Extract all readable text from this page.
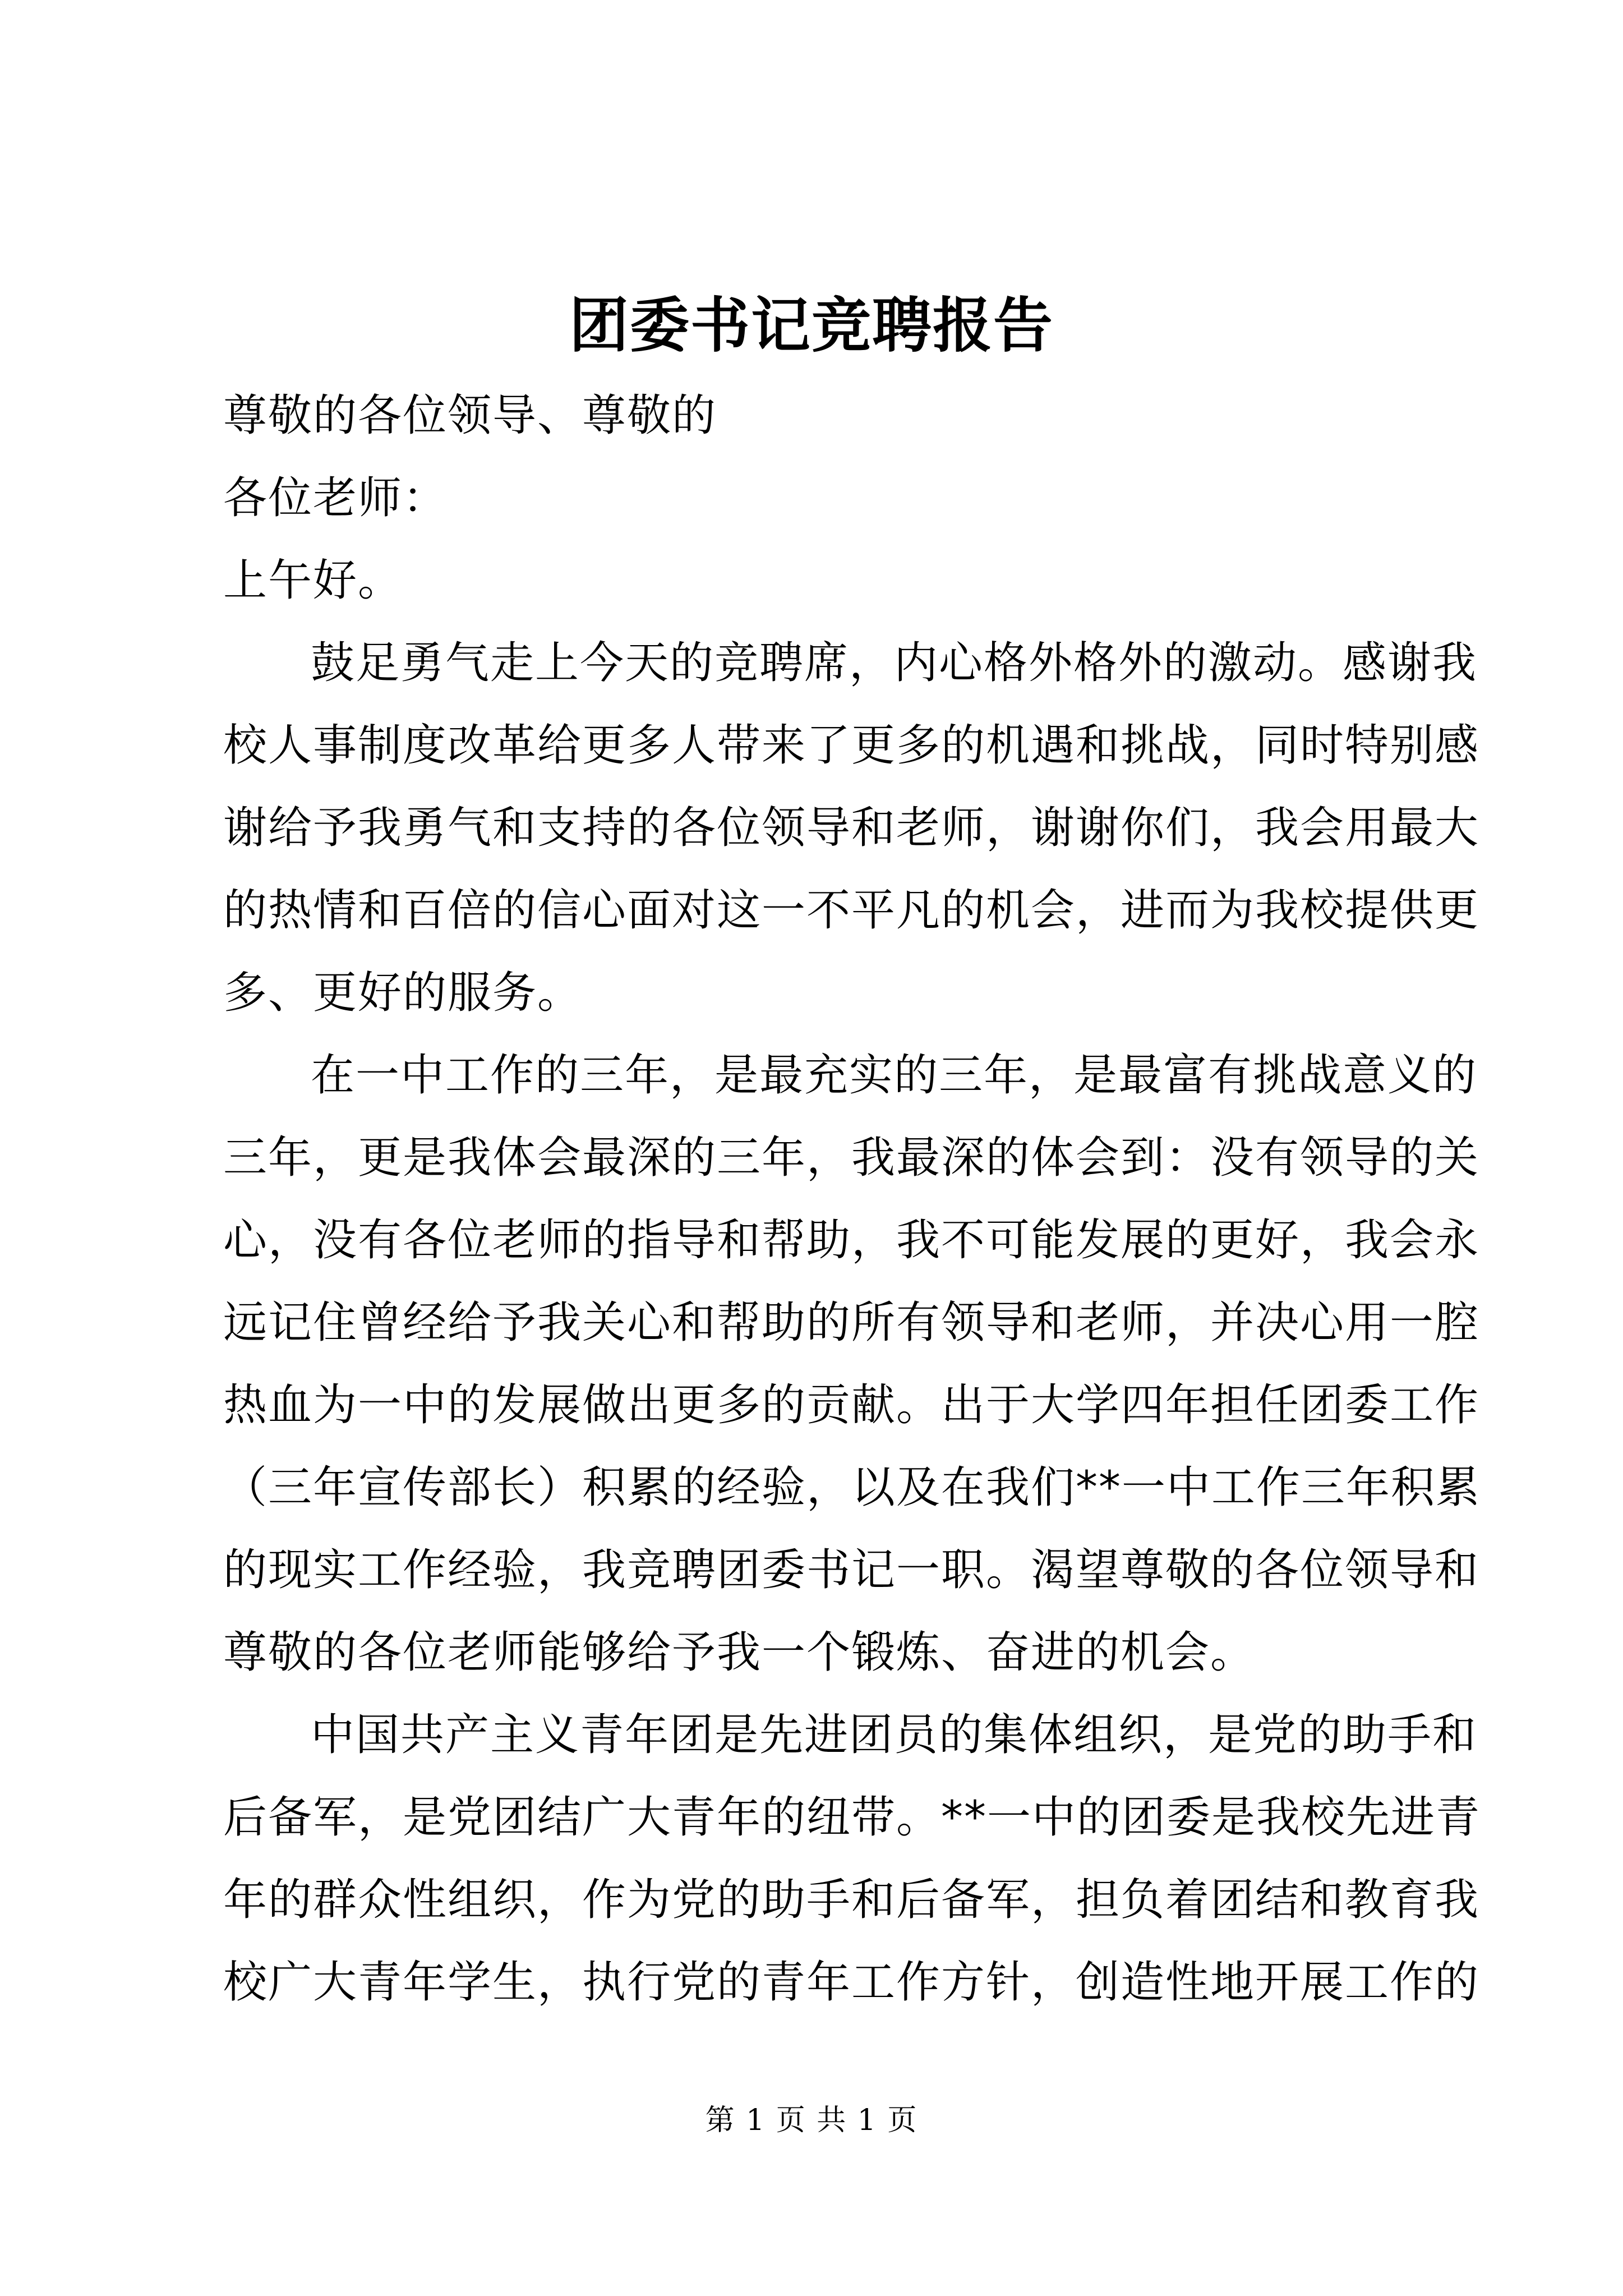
团委书记竞聘报告
尊敬的各位领导、尊敬的
各位老师：
上午好。
鼓足勇气走上今天的竞聘席，内心格外格外的激动。感谢我
校人事制度改革给更多人带来了更多的机遇和挑战，同时特别感
谢给予我勇气和支持的各位领导和老师，谢谢你们，我会用最大
的热情和百倍的信心面对这一不平凡的机会，进而为我校提供更
多、更好的服务。
在一中工作的三年，是最充实的三年，是最富有挑战意义的
三年，更是我体会最深的三年，我最深的体会到：没有领导的关
心，没有各位老师的指导和帮助，我不可能发展的更好，我会永
远记住曾经给予我关心和帮助的所有领导和老师，并决心用一腔
热血为一中的发展做出更多的贡献。出于大学四年担任团委工作
（三年宣传部长）积累的经验，以及在我们**一中工作三年积累
的现实工作经验，我竞聘团委书记一职。渴望尊敬的各位领导和
尊敬的各位老师能够给予我一个锻炼、奋进的机会。
中国共产主义青年团是先进团员的集体组织，是党的助手和
后备军，是党团结广大青年的纽带。**一中的团委是我校先进青
年的群众性组织，作为党的助手和后备军，担负着团结和教育我
校广大青年学生，执行党的青年工作方针，创造性地开展工作的
第 1 页 共 1 页
